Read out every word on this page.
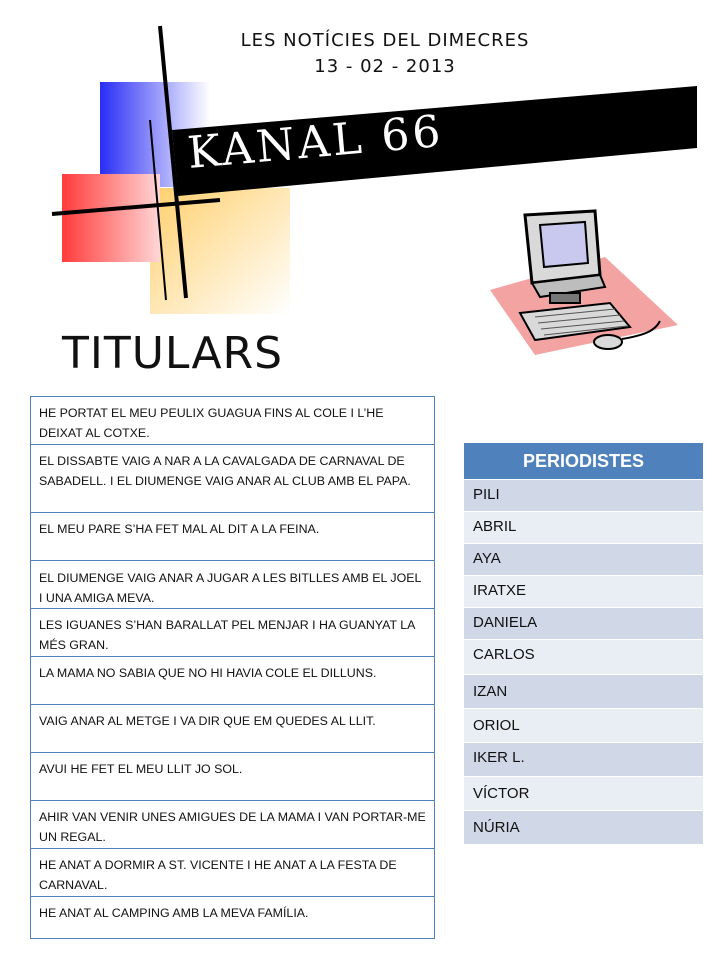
LES NOTÍCIES DEL DIMECRES
13 - 02 - 2013
KANAL 66
TITULARS
HE PORTAT EL MEU PEULIX GUAGUA FINS AL COLE I L’HE DEIXAT AL COTXE.
EL DISSABTE VAIG A NAR A LA CAVALGADA DE CARNAVAL DE SABADELL. I EL DIUMENGE VAIG ANAR AL CLUB AMB EL PAPA.
EL MEU PARE S’HA FET MAL AL DIT A LA FEINA.
EL DIUMENGE VAIG ANAR A JUGAR A LES BITLLES AMB EL JOEL I UNA AMIGA MEVA.
LES IGUANES S’HAN BARALLAT PEL MENJAR I HA GUANYAT LA MÉS GRAN.
LA MAMA NO SABIA QUE NO HI HAVIA COLE EL DILLUNS.
VAIG ANAR AL METGE I VA DIR QUE EM QUEDES AL LLIT.
AVUI HE FET EL MEU LLIT JO SOL.
AHIR VAN VENIR UNES AMIGUES DE LA MAMA I VAN PORTAR-ME UN REGAL.
HE ANAT A DORMIR A ST. VICENTE I HE ANAT A LA FESTA DE CARNAVAL.
HE ANAT AL CAMPING AMB LA MEVA FAMÍLIA.
PERIODISTES
PILI
ABRIL
AYA
IRATXE
DANIELA
CARLOS
IZAN
ORIOL
IKER L.
VÍCTOR
NÚRIA
